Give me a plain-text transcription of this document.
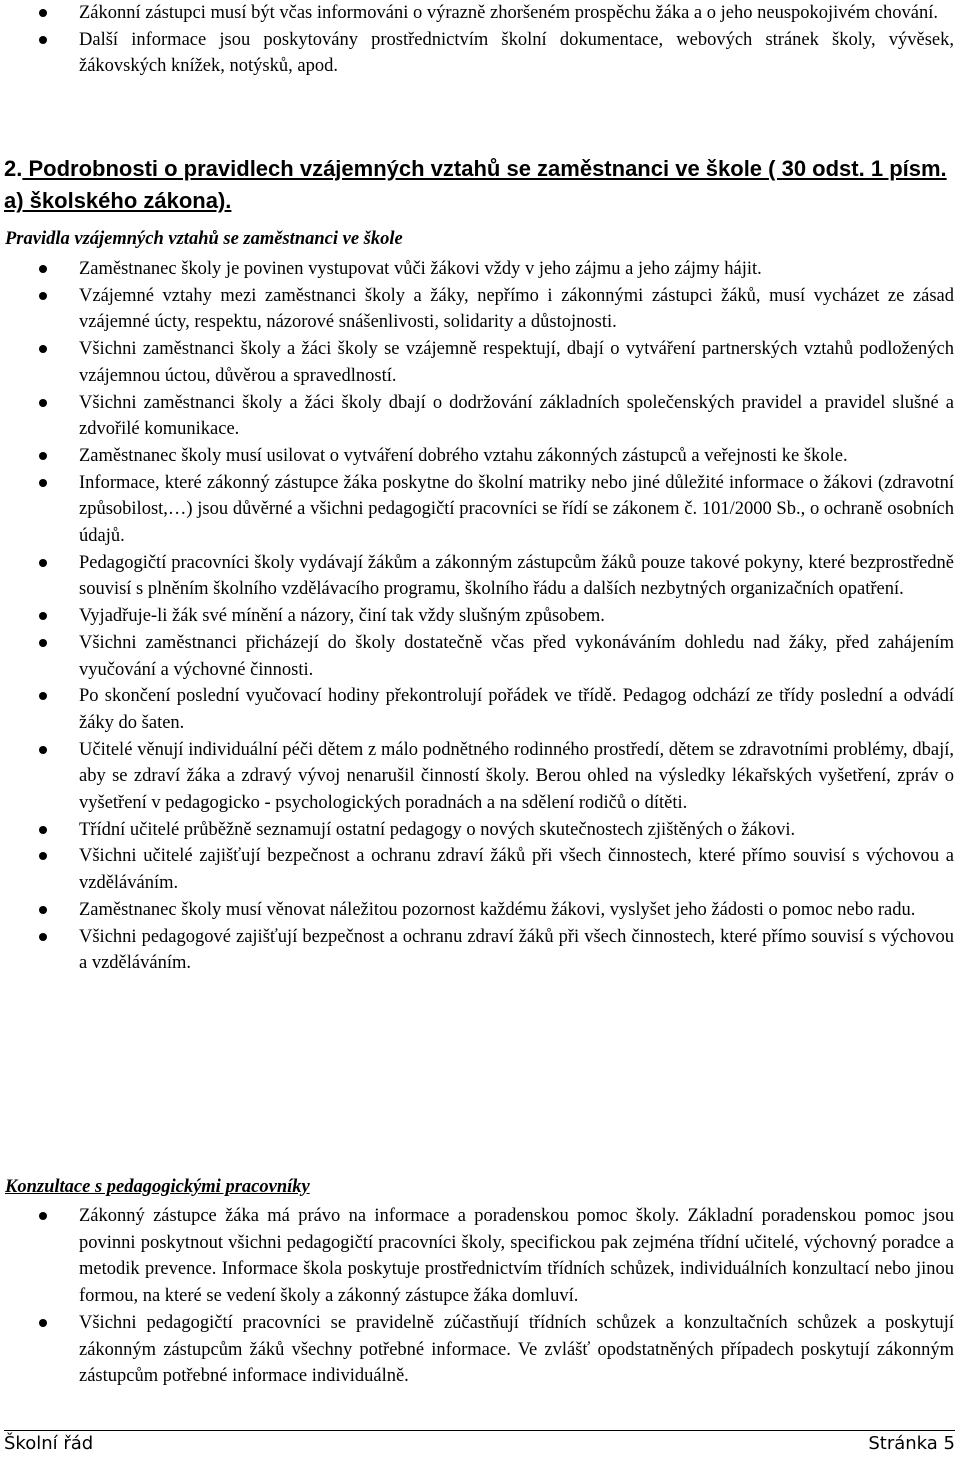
Zákonní zástupci musí být včas informováni o výrazně zhoršeném prospěchu žáka a o jeho neuspokojivém chování.
Další informace jsou poskytovány prostřednictvím školní dokumentace, webových stránek školy, vývěsek, žákovských knížek, notýsků, apod.
2. Podrobnosti o pravidlech vzájemných vztahů se zaměstnanci ve škole ( 30 odst. 1 písm. a) školského zákona).
Pravidla vzájemných vztahů se zaměstnanci ve škole
Zaměstnanec školy je povinen vystupovat vůči žákovi vždy v jeho zájmu a jeho zájmy hájit.
Vzájemné vztahy mezi zaměstnanci školy a žáky, nepřímo i zákonnými zástupci žáků, musí vycházet ze zásad vzájemné úcty, respektu, názorové snášenlivosti, solidarity a důstojnosti.
Všichni zaměstnanci školy a žáci školy se vzájemně respektují, dbají o vytváření partnerských vztahů podložených vzájemnou úctou, důvěrou a spravedlností.
Všichni zaměstnanci školy a žáci školy dbají o dodržování základních společenských pravidel a pravidel slušné a zdvořilé komunikace.
Zaměstnanec školy musí usilovat o vytváření dobrého vztahu zákonných zástupců a veřejnosti ke škole.
Informace, které zákonný zástupce žáka poskytne do školní matriky nebo jiné důležité informace o žákovi (zdravotní způsobilost,…) jsou důvěrné a všichni pedagogičtí pracovníci se řídí se zákonem č. 101/2000 Sb., o ochraně osobních údajů.
Pedagogičtí pracovníci školy vydávají žákům a zákonným zástupcům žáků pouze takové pokyny, které bezprostředně souvisí s plněním školního vzdělávacího programu, školního řádu a dalších nezbytných organizačních opatření.
Vyjadřuje-li žák své mínění a názory, činí tak vždy slušným způsobem.
Všichni zaměstnanci přicházejí do školy dostatečně včas před vykonáváním dohledu nad žáky, před zahájením vyučování a výchovné činnosti.
Po skončení poslední vyučovací hodiny překontrolují pořádek ve třídě. Pedagog odchází ze třídy poslední a odvádí žáky do šaten.
Učitelé věnují individuální péči dětem z málo podnětného rodinného prostředí, dětem se zdravotními problémy, dbají, aby se zdraví žáka a zdravý vývoj nenarušil činností školy. Berou ohled na výsledky lékařských vyšetření, zpráv o vyšetření v pedagogicko - psychologických poradnách a na sdělení rodičů o dítěti.
Třídní učitelé průběžně seznamují ostatní pedagogy o nových skutečnostech zjištěných o žákovi.
Všichni učitelé zajišťují bezpečnost a ochranu zdraví žáků při všech činnostech, které přímo souvisí s výchovou a vzděláváním.
Zaměstnanec školy musí věnovat náležitou pozornost každému žákovi, vyslyšet jeho žádosti o pomoc nebo radu.
Všichni pedagogové zajišťují bezpečnost a ochranu zdraví žáků při všech činnostech, které přímo souvisí s výchovou a vzděláváním.
Konzultace s pedagogickými pracovníky
Zákonný zástupce žáka má právo na informace a poradenskou pomoc školy. Základní poradenskou pomoc jsou povinni poskytnout všichni pedagogičtí pracovníci školy, specifickou pak zejména třídní učitelé, výchovný poradce a metodik prevence. Informace škola poskytuje prostřednictvím třídních schůzek, individuálních konzultací nebo jinou formou, na které se vedení školy a zákonný zástupce žáka domluví.
Všichni pedagogičtí pracovníci se pravidelně zúčastňují třídních schůzek a konzultačních schůzek a poskytují zákonným zástupcům žáků všechny potřebné informace. Ve zvlášť opodstatněných případech poskytují zákonným zástupcům potřebné informace individuálně.
Školní řád	Stránka 5
